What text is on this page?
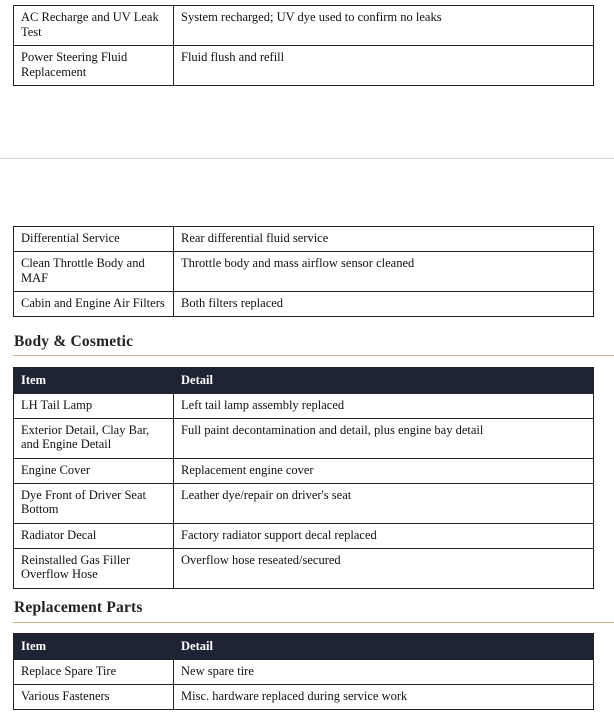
AC Recharge and UV Leak Test	System recharged; UV dye used to confirm no leaks
Power Steering Fluid Replacement	Fluid flush and refill
Differential Service	Rear differential fluid service
Clean Throttle Body and MAF	Throttle body and mass airflow sensor cleaned
Cabin and Engine Air Filters	Both filters replaced
Body & Cosmetic
Item	Detail
LH Tail Lamp	Left tail lamp assembly replaced
Exterior Detail, Clay Bar, and Engine Detail	Full paint decontamination and detail, plus engine bay detail
Engine Cover	Replacement engine cover
Dye Front of Driver Seat Bottom	Leather dye/repair on driver's seat
Radiator Decal	Factory radiator support decal replaced
Reinstalled Gas Filler Overflow Hose	Overflow hose reseated/secured
Replacement Parts
Item	Detail
Replace Spare Tire	New spare tire
Various Fasteners	Misc. hardware replaced during service work
